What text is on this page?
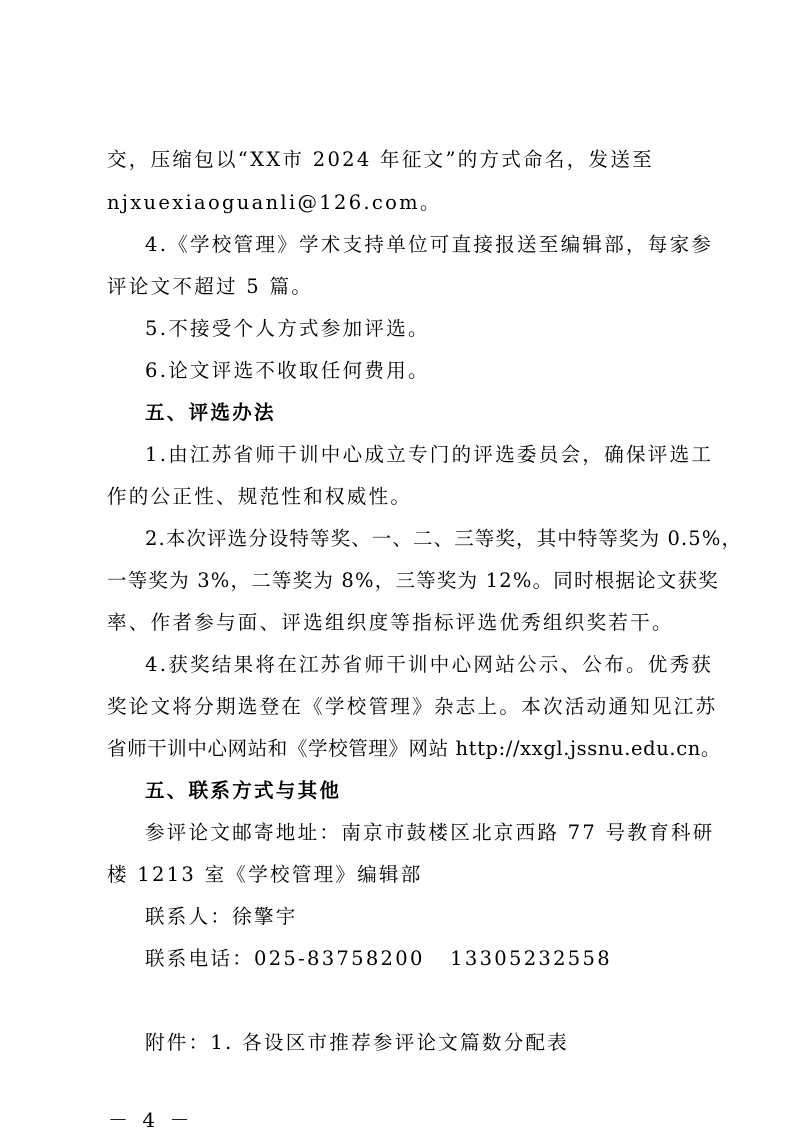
交，压缩包以“XX市 2024 年征文”的方式命名，发送至
njxuexiaoguanli@126.com。
4.《学校管理》学术支持单位可直接报送至编辑部，每家参
评论文不超过 5 篇。
5.不接受个人方式参加评选。
6.论文评选不收取任何费用。
五、评选办法
1.由江苏省师干训中心成立专门的评选委员会，确保评选工
作的公正性、规范性和权威性。
2.本次评选分设特等奖、一、二、三等奖，其中特等奖为 0.5%，
一等奖为 3%，二等奖为 8%，三等奖为 12%。同时根据论文获奖
率、作者参与面、评选组织度等指标评选优秀组织奖若干。
4.获奖结果将在江苏省师干训中心网站公示、公布。优秀获
奖论文将分期选登在《学校管理》杂志上。本次活动通知见江苏
省师干训中心网站和《学校管理》网站 http://xxgl.jssnu.edu.cn。
五、联系方式与其他
参评论文邮寄地址：南京市鼓楼区北京西路 77 号教育科研
楼 1213 室《学校管理》编辑部
联系人：徐擎宇
联系电话：025-83758200   13305232558
附件：1. 各设区市推荐参评论文篇数分配表
－ 4 －
